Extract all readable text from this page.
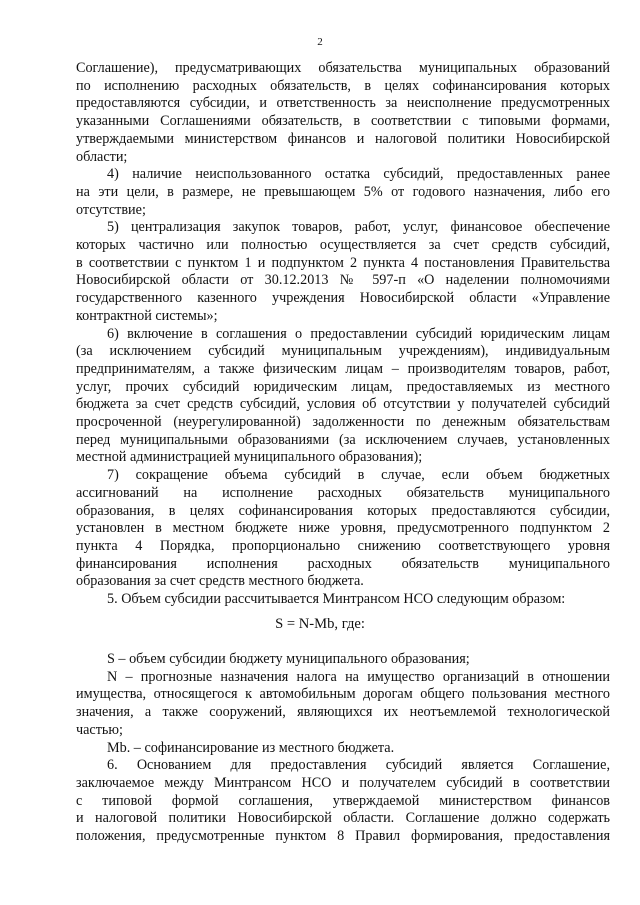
2
Соглашение), предусматривающих обязательства муниципальных образований
по исполнению расходных обязательств, в целях софинансирования которых
предоставляются субсидии, и ответственность за неисполнение предусмотренных
указанными Соглашениями обязательств, в соответствии с типовыми формами,
утверждаемыми министерством финансов и налоговой политики Новосибирской
области;
4) наличие неиспользованного остатка субсидий, предоставленных ранее
на эти цели, в размере, не превышающем 5% от годового назначения, либо его
отсутствие;
5) централизация закупок товаров, работ, услуг, финансовое обеспечение
которых частично или полностью осуществляется за счет средств субсидий,
в соответствии с пунктом 1 и подпунктом 2 пункта 4 постановления Правительства
Новосибирской области от 30.12.2013 № 597-п «О наделении полномочиями
государственного казенного учреждения Новосибирской области «Управление
контрактной системы»;
6) включение в соглашения о предоставлении субсидий юридическим лицам
(за исключением субсидий муниципальным учреждениям), индивидуальным
предпринимателям, а также физическим лицам – производителям товаров, работ,
услуг, прочих субсидий юридическим лицам, предоставляемых из местного
бюджета за счет средств субсидий, условия об отсутствии у получателей субсидий
просроченной (неурегулированной) задолженности по денежным обязательствам
перед муниципальными образованиями (за исключением случаев, установленных
местной администрацией муниципального образования);
7) сокращение объема субсидий в случае, если объем бюджетных
ассигнований на исполнение расходных обязательств муниципального
образования, в целях софинансирования которых предоставляются субсидии,
установлен в местном бюджете ниже уровня, предусмотренного подпунктом 2
пункта 4 Порядка, пропорционально снижению соответствующего уровня
финансирования исполнения расходных обязательств муниципального
образования за счет средств местного бюджета.
5. Объем субсидии рассчитывается Минтрансом НСО следующим образом:
S = N-Mb, где:
S – объем субсидии бюджету муниципального образования;
N – прогнозные назначения налога на имущество организаций в отношении
имущества, относящегося к автомобильным дорогам общего пользования местного
значения, а также сооружений, являющихся их неотъемлемой технологической
частью;
Mb. – софинансирование из местного бюджета.
6. Основанием для предоставления субсидий является Соглашение,
заключаемое между Минтрансом НСО и получателем субсидий в соответствии
с типовой формой соглашения, утверждаемой министерством финансов
и налоговой политики Новосибирской области. Соглашение должно содержать
положения, предусмотренные пунктом 8 Правил формирования, предоставления
